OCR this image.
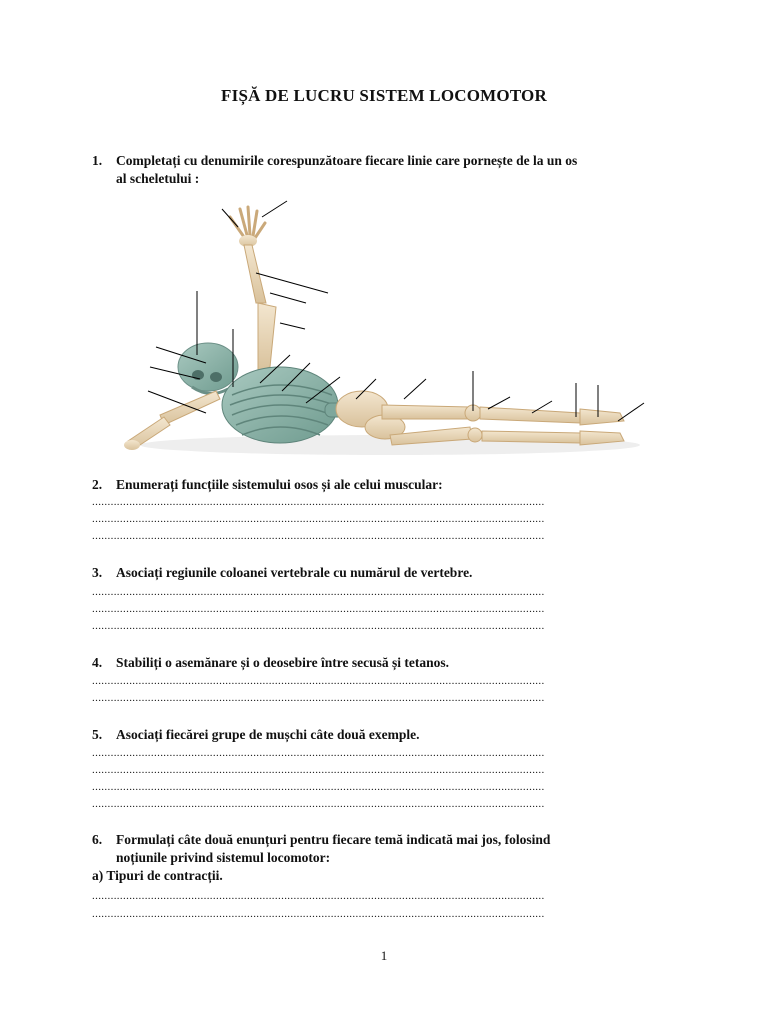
FIȘĂ DE LUCRU SISTEM LOCOMOTOR
1. Completați cu denumirile corespunzătoare fiecare linie care pornește de la un os
al scheletului :
2. Enumerați funcțiile sistemului osos și ale celui muscular:
..................................................................................................................................................
..................................................................................................................................................
..................................................................................................................................................
3. Asociați regiunile coloanei vertebrale cu numărul de vertebre.
..................................................................................................................................................
..................................................................................................................................................
..................................................................................................................................................
4. Stabiliți o asemănare și o deosebire între secusă și tetanos.
..................................................................................................................................................
..................................................................................................................................................
5. Asociați fiecărei grupe de mușchi câte două exemple.
..................................................................................................................................................
..................................................................................................................................................
..................................................................................................................................................
..................................................................................................................................................
6. Formulați câte două enunțuri pentru fiecare temă indicată mai jos, folosind
noțiunile privind sistemul locomotor:
a) Tipuri de contracții.
..................................................................................................................................................
..................................................................................................................................................
1
